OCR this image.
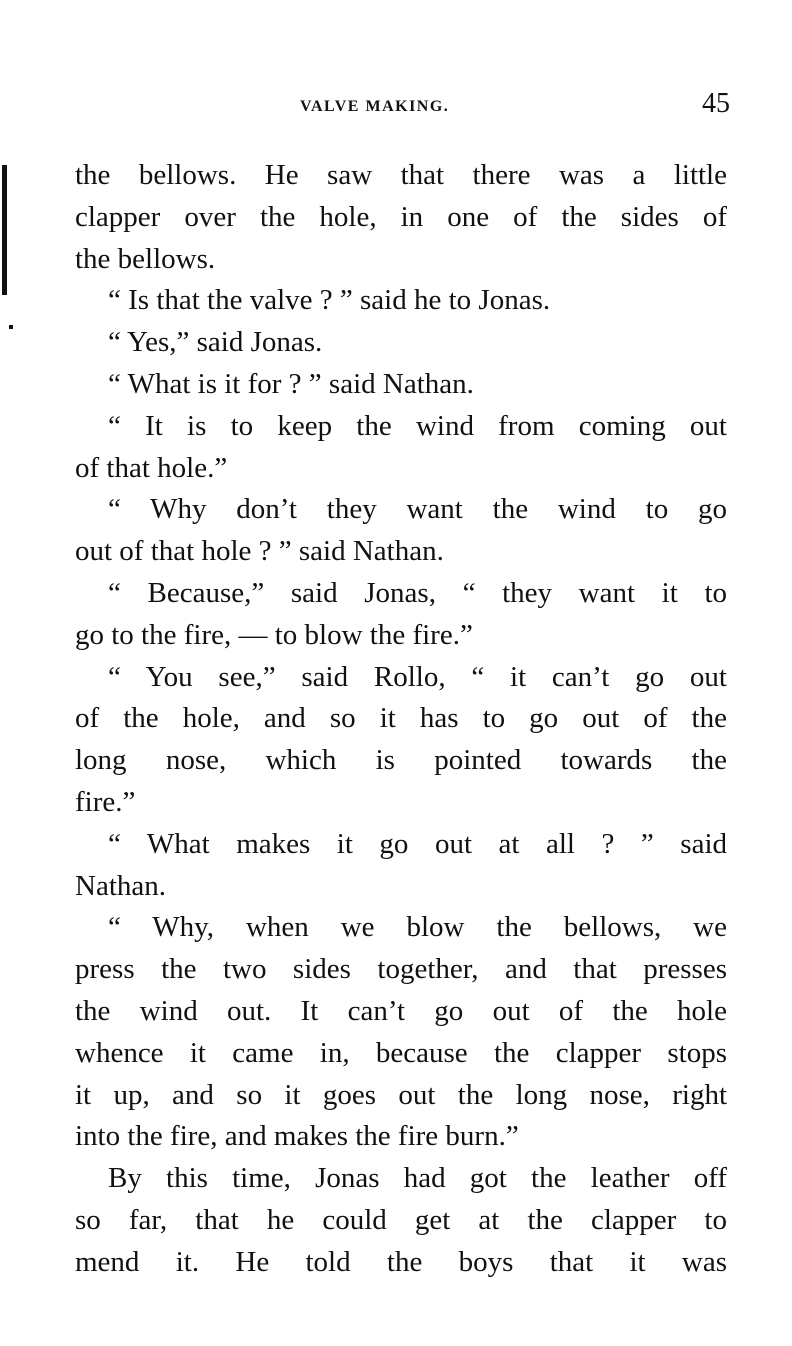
VALVE MAKING.	45
the bellows. He saw that there was a little
clapper over the hole, in one of the sides of
the bellows.
“ Is that the valve ? ” said he to Jonas.
“ Yes,” said Jonas.
“ What is it for ? ” said Nathan.
“ It is to keep the wind from coming out
of that hole.”
“ Why don’t they want the wind to go
out of that hole ? ” said Nathan.
“ Because,” said Jonas, “ they want it to
go to the fire, — to blow the fire.”
“ You see,” said Rollo, “ it can’t go out
of the hole, and so it has to go out of the
long nose, which is pointed towards the
fire.”
“ What makes it go out at all ? ” said
Nathan.
“ Why, when we blow the bellows, we
press the two sides together, and that presses
the wind out. It can’t go out of the hole
whence it came in, because the clapper stops
it up, and so it goes out the long nose, right
into the fire, and makes the fire burn.”
By this time, Jonas had got the leather off
so far, that he could get at the clapper to
mend it. He told the boys that it was
